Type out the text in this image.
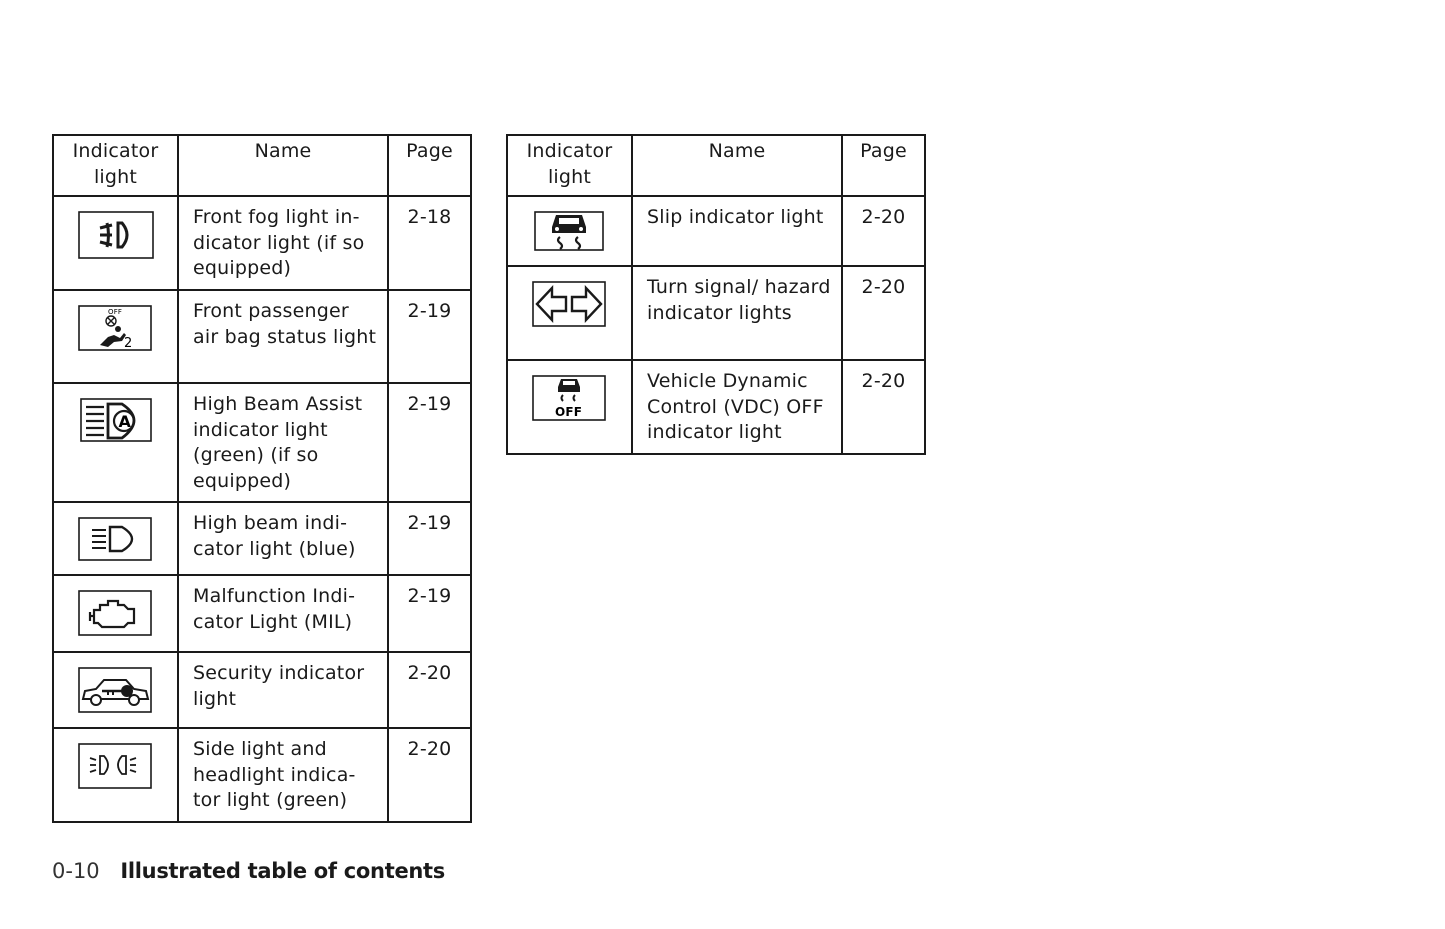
Indicator light	Name	Page

	Front fog light in- dicator light (if so equipped)	2-18

OFF
2	Front passenger air bag status light	2-19

A	High Beam Assist indicator light (green) (if so equipped)	2-19

	High beam indi- cator light (blue)	2-19

	Malfunction Indi- cator Light (MIL)	2-19

	Security indicator light	2-20

	Side light and headlight indica- tor light (green)	2-20
Indicator light	Name	Page

	Slip indicator light	2-20

	Turn signal/ hazard indicator lights	2-20

OFF	Vehicle Dynamic Control (VDC) OFF indicator light	2-20
0-10 Illustrated table of contents
